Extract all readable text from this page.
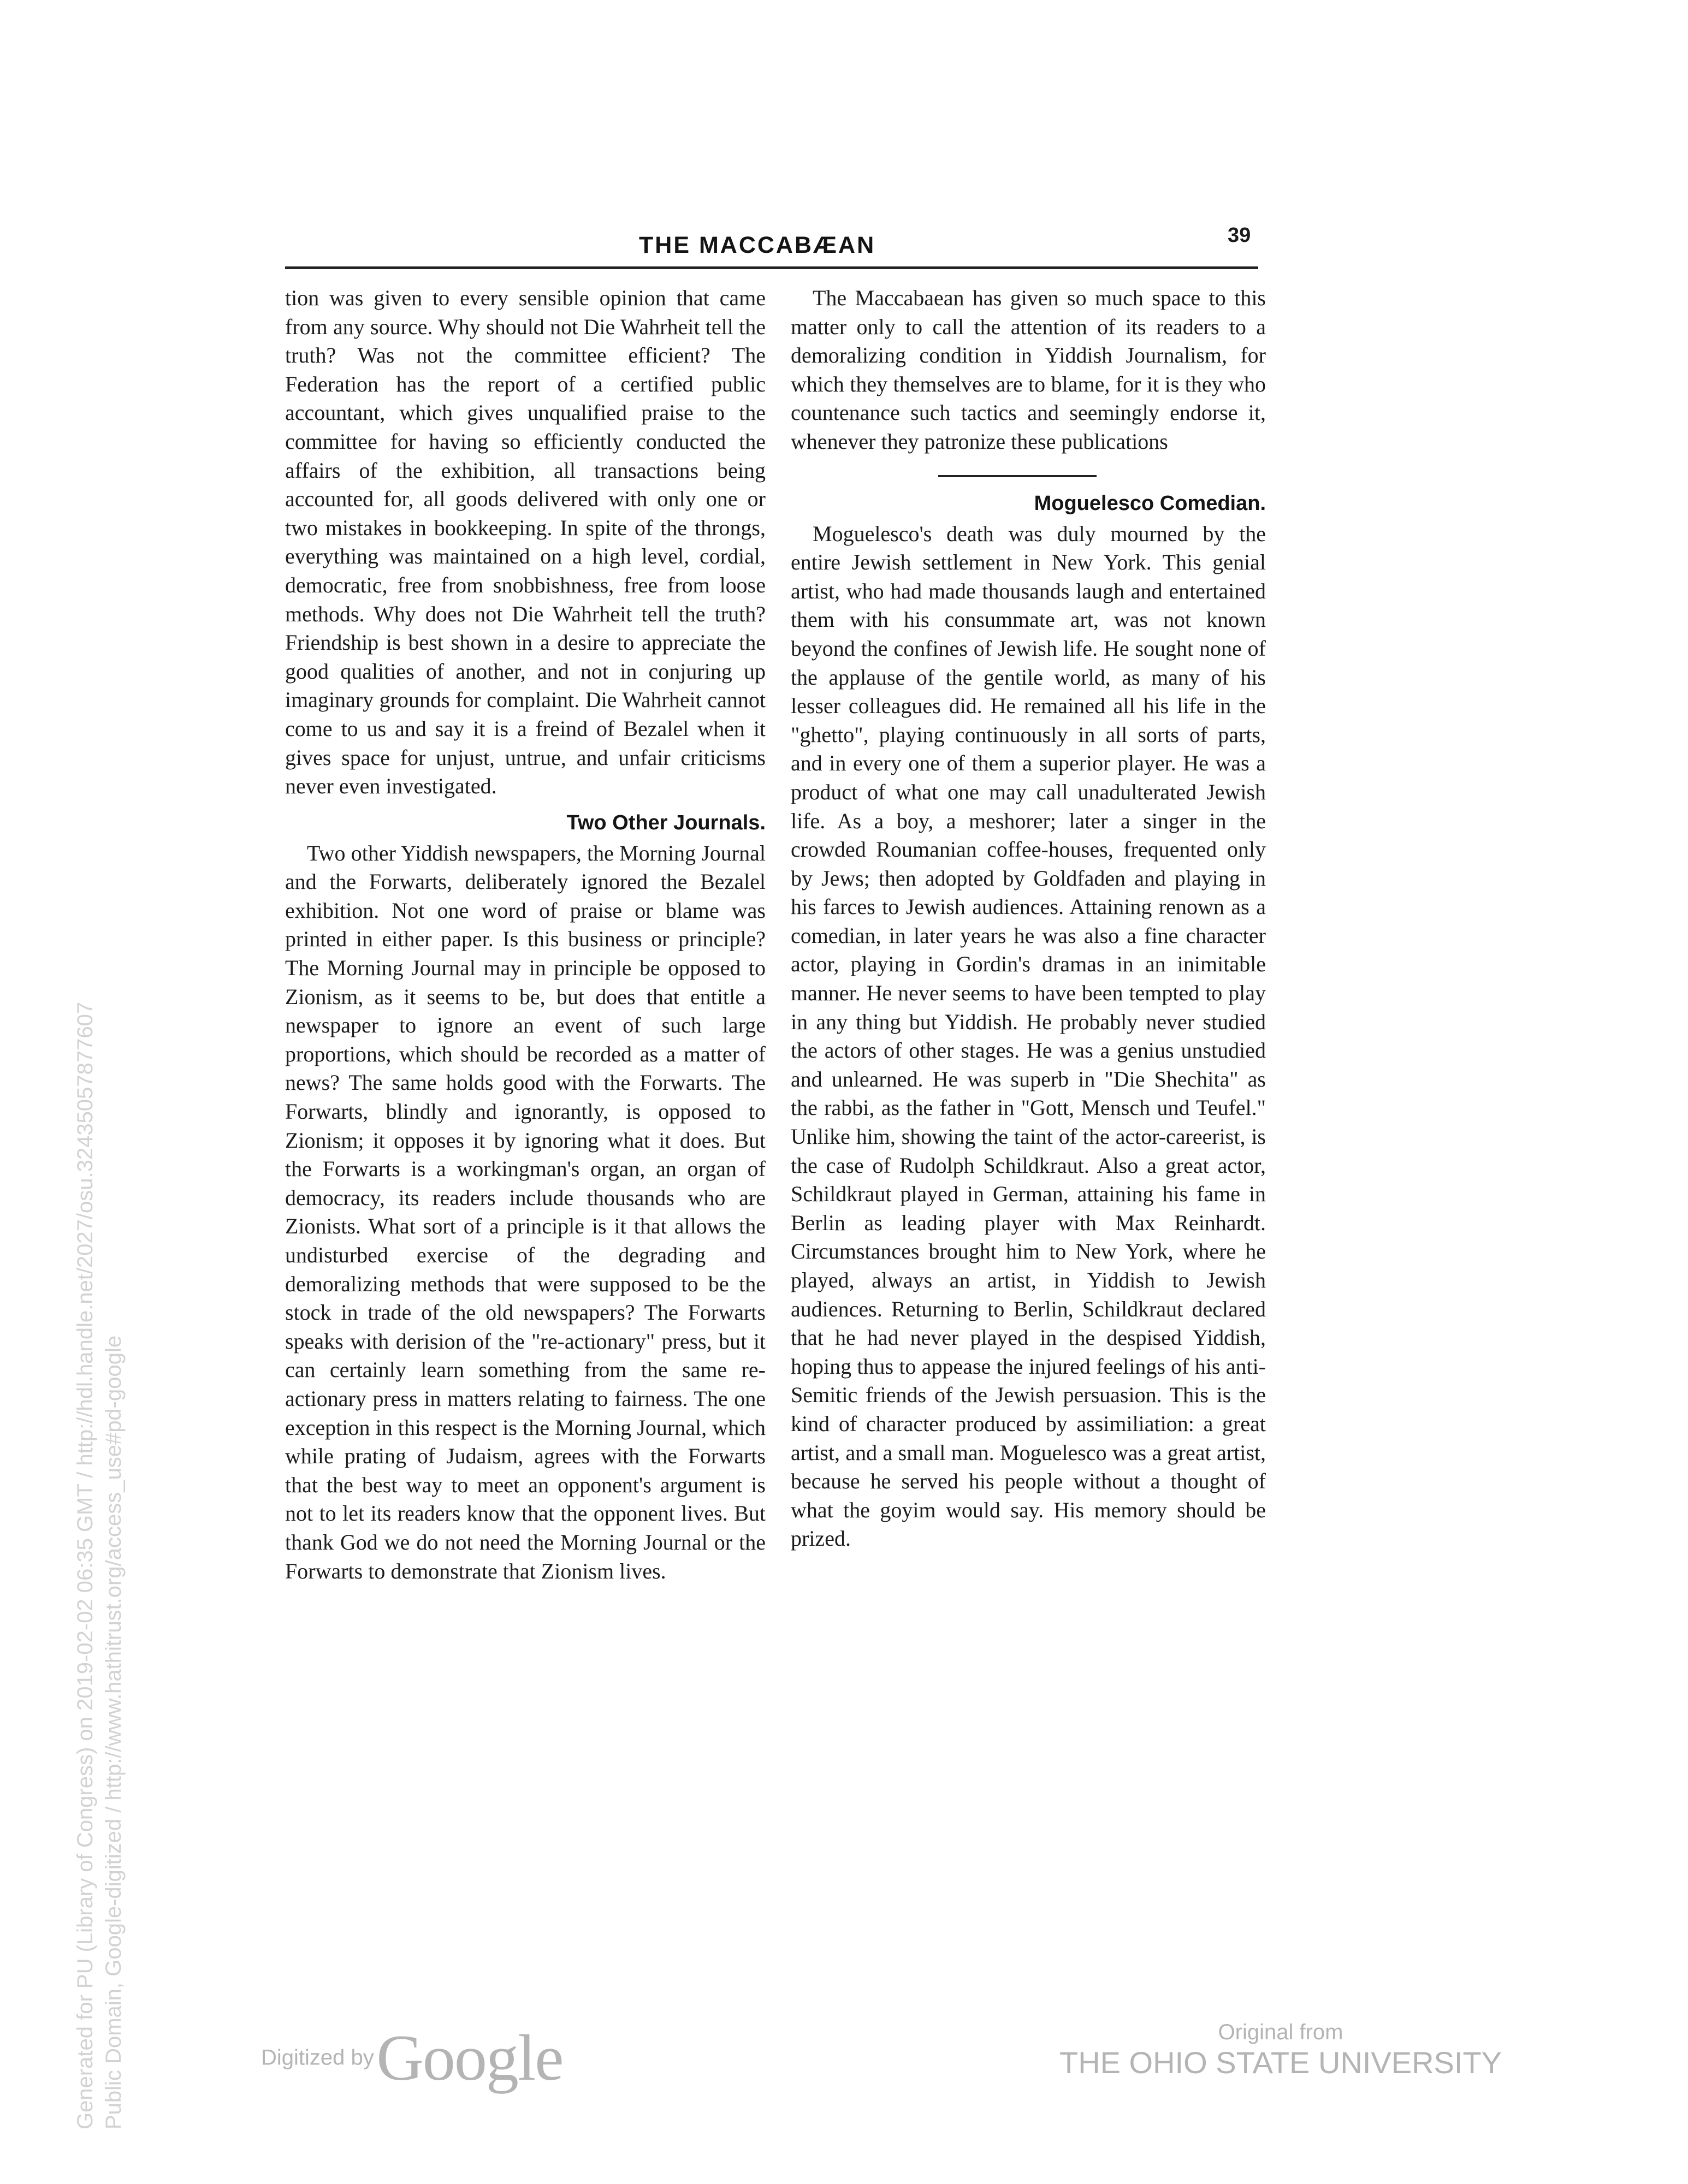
Generated for PU (Library of Congress) on 2019-02-02 06:35 GMT / http://hdl.handle.net/2027/osu.32435057877607 Public Domain, Google-digitized / http://www.hathitrust.org/access_use#pd-google
THE MACCABÆAN	39

tion was given to every sensible opinion that came from any source. Why should not Die Wahrheit tell the truth? Was not the committee efficient? The Federation has the report of a certified public accountant, which gives unqualified praise to the committee for having so efficiently conducted the affairs of the exhibition, all transactions being accounted for, all goods delivered with only one or two mistakes in bookkeeping. In spite of the throngs, everything was maintained on a high level, cordial, democratic, free from snobbishness, free from loose methods. Why does not Die Wahrheit tell the truth? Friendship is best shown in a desire to appreciate the good qualities of another, and not in conjuring up imaginary grounds for complaint. Die Wahrheit cannot come to us and say it is a freind of Bezalel when it gives space for unjust, untrue, and unfair criticisms never even investigated.

Two Other Journals.

Two other Yiddish newspapers, the Morning Journal and the Forwarts, deliberately ignored the Bezalel exhibition. Not one word of praise or blame was printed in either paper. Is this business or principle? The Morning Journal may in principle be opposed to Zionism, as it seems to be, but does that entitle a newspaper to ignore an event of such large proportions, which should be recorded as a matter of news? The same holds good with the Forwarts. The Forwarts, blindly and ignorantly, is opposed to Zionism; it opposes it by ignoring what it does. But the Forwarts is a workingman's organ, an organ of democracy, its readers include thousands who are Zionists. What sort of a principle is it that allows the undisturbed exercise of the degrading and demoralizing methods that were supposed to be the stock in trade of the old newspapers? The Forwarts speaks with derision of the "re-actionary" press, but it can certainly learn something from the same re-actionary press in matters relating to fairness. The one exception in this respect is the Morning Journal, which while prating of Judaism, agrees with the Forwarts that the best way to meet an opponent's argument is not to let its readers know that the opponent lives. But thank God we do not need the Morning Journal or the Forwarts to demonstrate that Zionism lives.

The Maccabaean has given so much space to this matter only to call the attention of its readers to a demoralizing condition in Yiddish Journalism, for which they themselves are to blame, for it is they who countenance such tactics and seemingly endorse it, whenever they patronize these publications

Moguelesco Comedian.

Moguelesco's death was duly mourned by the entire Jewish settlement in New York. This genial artist, who had made thousands laugh and entertained them with his consummate art, was not known beyond the confines of Jewish life. He sought none of the applause of the gentile world, as many of his lesser colleagues did. He remained all his life in the "ghetto", playing continuously in all sorts of parts, and in every one of them a superior player. He was a product of what one may call unadulterated Jewish life. As a boy, a meshorer; later a singer in the crowded Roumanian coffee-houses, frequented only by Jews; then adopted by Goldfaden and playing in his farces to Jewish audiences. Attaining renown as a comedian, in later years he was also a fine character actor, playing in Gordin's dramas in an inimitable manner. He never seems to have been tempted to play in any thing but Yiddish. He probably never studied the actors of other stages. He was a genius unstudied and unlearned. He was superb in "Die Shechita" as the rabbi, as the father in "Gott, Mensch und Teufel." Unlike him, showing the taint of the actor-careerist, is the case of Rudolph Schildkraut. Also a great actor, Schildkraut played in German, attaining his fame in Berlin as leading player with Max Reinhardt. Circumstances brought him to New York, where he played, always an artist, in Yiddish to Jewish audiences. Returning to Berlin, Schildkraut declared that he had never played in the despised Yiddish, hoping thus to appease the injured feelings of his anti-Semitic friends of the Jewish persuasion. This is the kind of character produced by assimiliation: a great artist, and a small man. Moguelesco was a great artist, because he served his people without a thought of what the goyim would say. His memory should be prized.

Digitized by Google	Original from
THE OHIO STATE UNIVERSITY
